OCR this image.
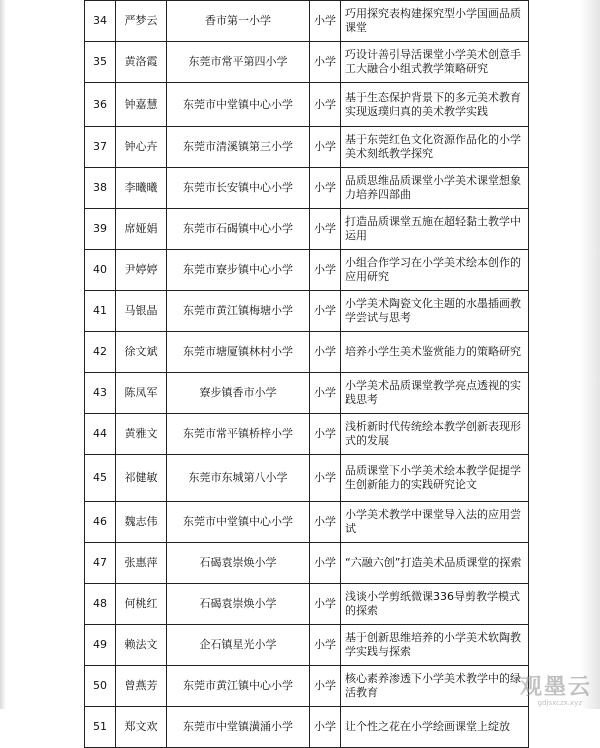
34	严梦云	香市第一小学	小学	巧用探究表构建探究型小学国画品质课堂
35	黄洛霞	东莞市常平第四小学	小学	巧设计善引导活课堂小学美术创意手工大融合小组式教学策略研究
36	钟嘉慧	东莞市中堂镇中心小学	小学	基于生态保护背景下的多元美术教育实现返璞归真的美术教学实践
37	钟心卉	东莞市清溪镇第三小学	小学	基于东莞红色文化资源作品化的小学美术刻纸教学探究
38	李曦曦	东莞市长安镇中心小学	小学	品质思维品质课堂小学美术课堂想象力培养四部曲
39	席娅娟	东莞市石碣镇中心小学	小学	打造品质课堂五施在超轻黏土教学中运用
40	尹婷婷	东莞市寮步镇中心小学	小学	小组合作学习在小学美术绘本创作的应用研究
41	马银晶	东莞市黄江镇梅塘小学	小学	小学美术陶瓷文化主题的水墨插画教学尝试与思考
42	徐文斌	东莞市塘厦镇林村小学	小学	培养小学生美术鉴赏能力的策略研究
43	陈凤军	寮步镇香市小学	小学	小学美术品质课堂教学亮点透视的实践思考
44	黄雅文	东莞市常平镇桥梓小学	小学	浅析新时代传统绘本教学创新表现形式的发展
45	祁健敏	东莞市东城第八小学	小学	品质课堂下小学美术绘本教学促提学生创新能力的实践研究论文
46	魏志伟	东莞市中堂镇中心小学	小学	小学美术教学中课堂导入法的应用尝试
47	张惠萍	石碣袁崇焕小学	小学	“六融六创”打造美术品质课堂的探索
48	何桃红	石碣袁崇焕小学	小学	浅谈小学剪纸微课336导剪教学模式的探索
49	赖法文	企石镇星光小学	小学	基于创新思维培养的小学美术软陶教学实践与探索
50	曾燕芳	东莞市黄江镇中心小学	小学	核心素养渗透下小学美术教学中的绿活教育
51	郑文欢	东莞市中堂镇潢涌小学	小学	让个性之花在小学绘画课堂上绽放
观墨云
gdjsxczx.xyz
